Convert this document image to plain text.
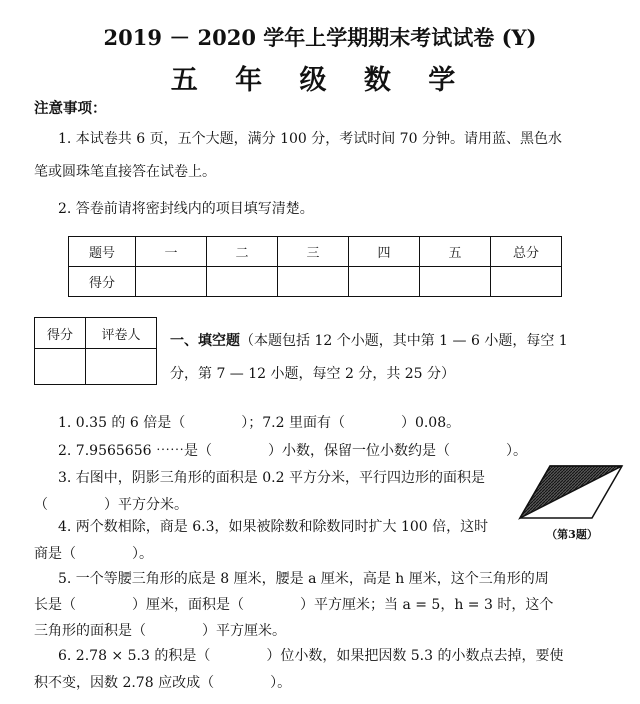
2019 － 2020 学年上学期期末考试试卷 (Y)
五 年 级 数 学
注意事项：
1. 本试卷共 6 页，五个大题，满分 100 分，考试时间 70 分钟。请用蓝、黑色水
笔或圆珠笔直接答在试卷上。
2. 答卷前请将密封线内的项目填写清楚。
题号	一	二	三	四	五	总分
得分						
得分	评卷人
	一、填空题（本题包括 12 个小题，其中第 1 — 6 小题，每空 1
分，第 7 — 12 小题，每空 2 分，共 25 分）
1. 0.35 的 6 倍是（　　　　）；7.2 里面有（　　　　）0.08。
2. 7.9565656 ⋯⋯是（　　　　）小数，保留一位小数约是（　　　　）。
3. 右图中，阴影三角形的面积是 0.2 平方分米，平行四边形的面积是
（　　　　）平方分米。
4. 两个数相除，商是 6.3，如果被除数和除数同时扩大 100 倍，这时
商是（　　　　）。
5. 一个等腰三角形的底是 8 厘米，腰是 a 厘米，高是 h 厘米，这个三角形的周
长是（　　　　）厘米，面积是（　　　　）平方厘米；当 a = 5，h = 3 时，这个
三角形的面积是（　　　　）平方厘米。
6. 2.78 × 5.3 的积是（　　　　）位小数，如果把因数 5.3 的小数点去掉，要使
积不变，因数 2.78 应改成（　　　　）。
（第3题）
